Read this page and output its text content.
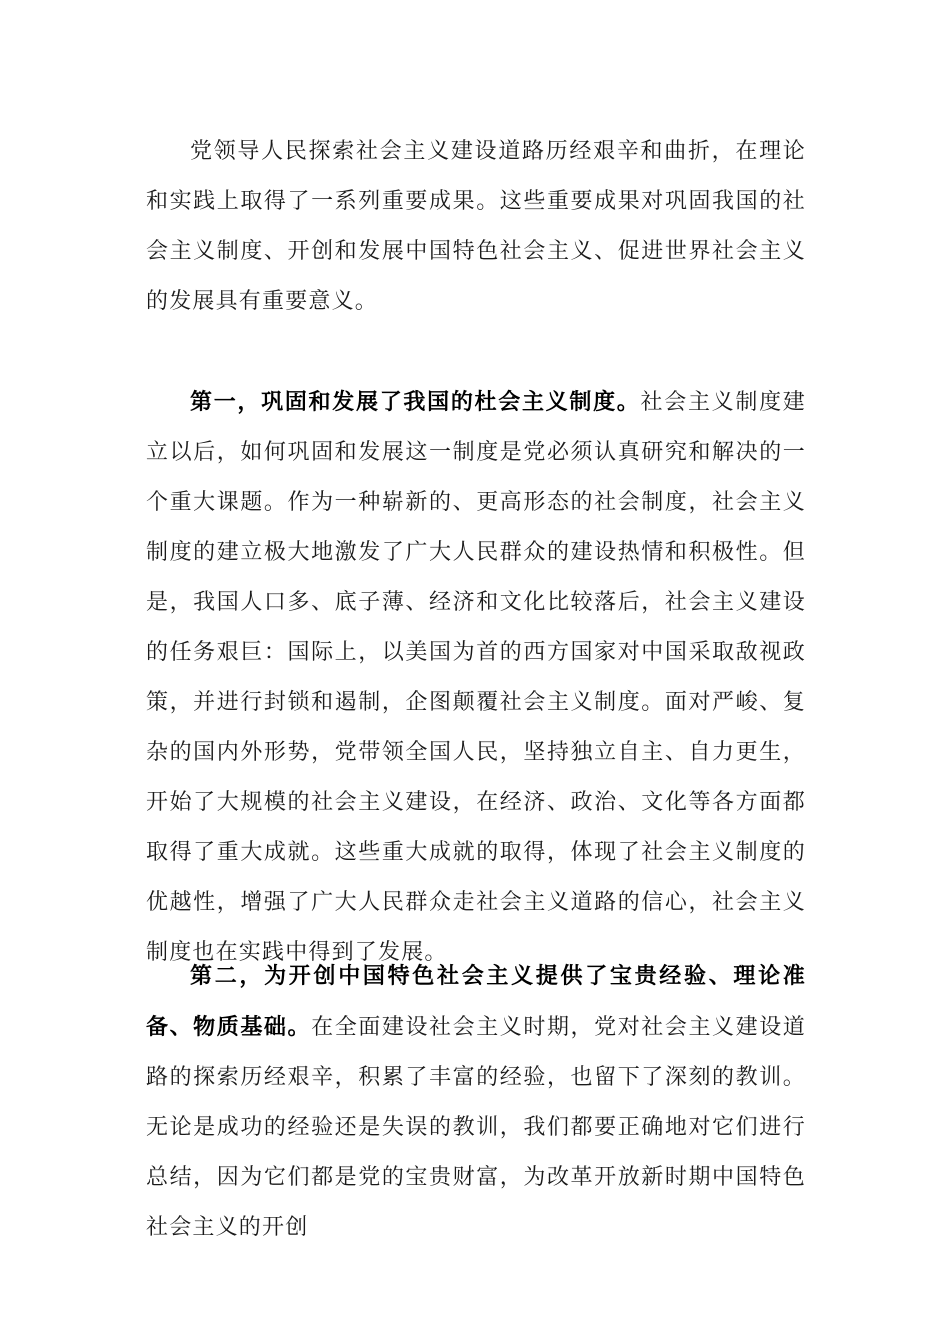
党领导人民探索社会主义建设道路历经艰辛和曲折，在理论和实践上取得了一系列重要成果。这些重要成果对巩固我国的社会主义制度、开创和发展中国特色社会主义、促进世界社会主义的发展具有重要意义。

第一，巩固和发展了我国的杜会主义制度。社会主义制度建立以后，如何巩固和发展这一制度是党必须认真研究和解决的一个重大课题。作为一种崭新的、更高形态的社会制度，社会主义制度的建立极大地激发了广大人民群众的建设热情和积极性。但是，我国人口多、底子薄、经济和文化比较落后，社会主义建设的任务艰巨：国际上，以美国为首的西方国家对中国采取敌视政策，并进行封锁和遏制，企图颠覆社会主义制度。面对严峻、复杂的国内外形势，党带领全国人民，坚持独立自主、自力更生，开始了大规模的社会主义建设，在经济、政治、文化等各方面都取得了重大成就。这些重大成就的取得，体现了社会主义制度的优越性，增强了广大人民群众走社会主义道路的信心，社会主义制度也在实践中得到了发展。

第二，为开创中国特色社会主义提供了宝贵经验、理论准备、物质基础。在全面建设社会主义时期，党对社会主义建设道路的探索历经艰辛，积累了丰富的经验，也留下了深刻的教训。无论是成功的经验还是失误的教训，我们都要正确地对它们进行总结，因为它们都是党的宝贵财富，为改革开放新时期中国特色社会主义的开创
